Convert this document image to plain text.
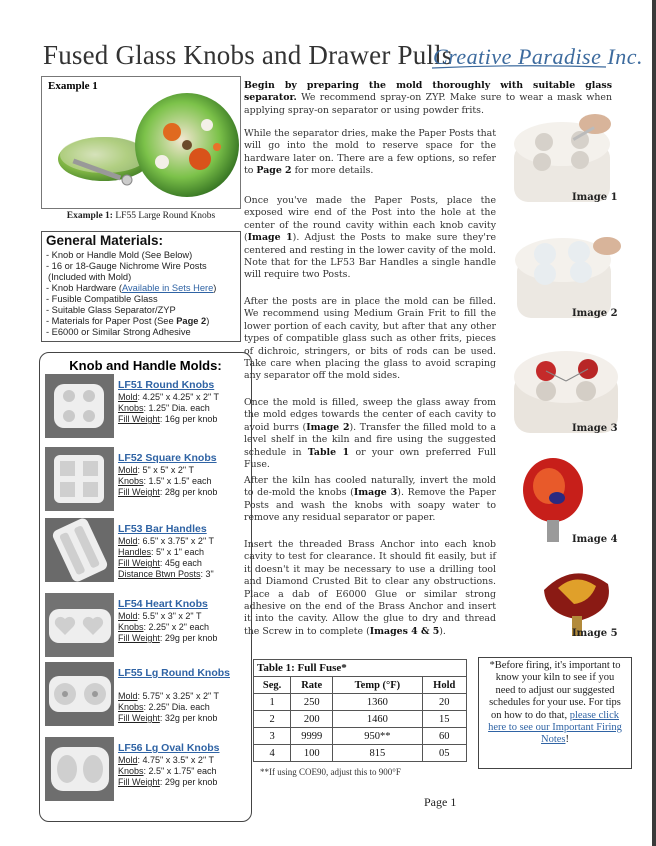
Fused Glass Knobs and Drawer Pulls
Creative Paradise Inc.
Example 1
Example 1: LF55 Large Round Knobs
General Materials:
- Knob or Handle Mold (See Below)
- 16 or 18-Gauge Nichrome Wire Posts
(Included with Mold)
- Knob Hardware (Available in Sets Here)
- Fusible Compatible Glass
- Suitable Glass Separator/ZYP
- Materials for Paper Post (See Page 2)
- E6000 or Similar Strong Adhesive
Knob and Handle Molds:
LF51 Round Knobs
Mold: 4.25" x 4.25" x 2" T
Knobs: 1.25" Dia. each
Fill Weight: 16g per knob
LF52 Square Knobs
Mold: 5" x 5" x 2" T
Knobs: 1.5" x 1.5" each
Fill Weight: 28g per knob
LF53 Bar Handles
Mold: 6.5" x 3.75" x 2" T
Handles: 5" x 1" each
Fill Weight: 45g each
Distance Btwn Posts: 3"
LF54 Heart Knobs
Mold: 5.5" x 3" x 2" T
Knobs: 2.25" x 2" each
Fill Weight: 29g per knob
LF55 Lg Round Knobs
Mold: 5.75" x 3.25" x 2" T
Knobs: 2.25" Dia. each
Fill Weight: 32g per knob
LF56 Lg Oval Knobs
Mold: 4.75" x 3.5" x 2" T
Knobs: 2.5" x 1.75" each
Fill Weight: 29g per knob
Begin by preparing the mold thoroughly with suitable glass separator. We recommend spray-on ZYP. Make sure to wear a mask when applying spray-on separator or using powder frits.
While the separator dries, make the Paper Posts that will go into the mold to reserve space for the hardware later on. There are a few options, so refer to Page 2 for more details.
Once you've made the Paper Posts, place the exposed wire end of the Post into the hole at the center of the round cavity within each knob cavity (Image 1). Adjust the Posts to make sure they're centered and resting in the lower cavity of the mold. Note that for the LF53 Bar Handles a single handle will require two Posts.
After the posts are in place the mold can be filled. We recommend using Medium Grain Frit to fill the lower portion of each cavity, but after that any other types of compatible glass such as other frits, pieces of dichroic, stringers, or bits of rods can be used. Take care when placing the glass to avoid scraping any separator off the mold sides.
Once the mold is filled, sweep the glass away from the mold edges towards the center of each cavity to avoid burrs (Image 2). Transfer the filled mold to a level shelf in the kiln and fire using the suggested schedule in Table 1 or your own preferred Full Fuse.
After the kiln has cooled naturally, invert the mold to de-mold the knobs (Image 3). Remove the Paper Posts and wash the knobs with soapy water to remove any residual separator or paper.
Insert the threaded Brass Anchor into each knob cavity to test for clearance. It should fit easily, but if it doesn't it may be necessary to use a drilling tool and Diamond Crusted Bit to clear any obstructions. Place a dab of E6000 Glue or similar strong adhesive on the end of the Brass Anchor and insert it into the cavity. Allow the glue to dry and thread the Screw in to complete (Images 4 & 5).
Image 1
Image 2
Image 3
Image 4
Image 5
Table 1: Full Fuse*			
Seg.	Rate	Temp (°F)	Hold
1	250	1360	20
2	200	1460	15
3	9999	950**	60
4	100	815	05
**If using COE90, adjust this to 900°F
*Before firing, it's important to know your kiln to see if you need to adjust our suggested schedules for your use. For tips on how to do that, please click here to see our Important Firing Notes!
Page 1
